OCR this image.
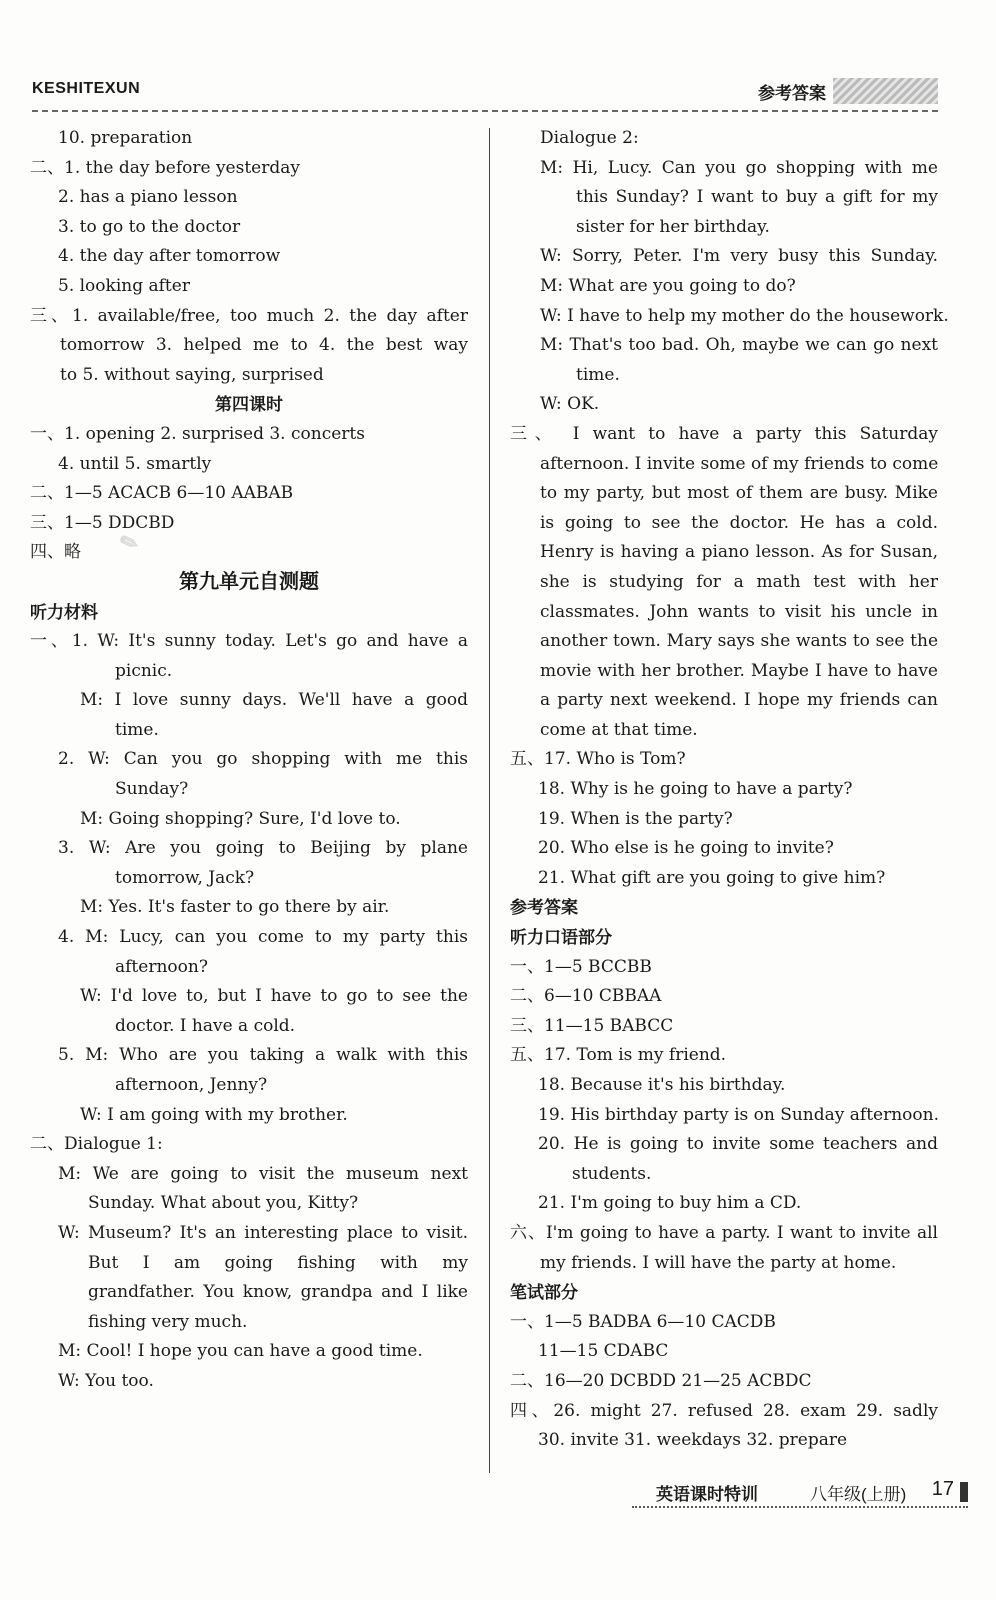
KESHITEXUN	参考答案
10. preparation
二、1. the day before yesterday
2. has a piano lesson
3. to go to the doctor
4. the day after tomorrow
5. looking after
三、1. available/free, too much 2. the day after
tomorrow 3. helped me to 4. the best way
to 5. without saying, surprised
第四课时
一、1. opening 2. surprised 3. concerts
4. until 5. smartly
二、1—5 ACACB 6—10 AABAB
三、1—5 DDCBD
四、略
第九单元自测题
听力材料
一、1. W: It's sunny today. Let's go and have a
picnic.
M: I love sunny days. We'll have a good
time.
2. W: Can you go shopping with me this
Sunday?
M: Going shopping? Sure, I'd love to.
3. W: Are you going to Beijing by plane
tomorrow, Jack?
M: Yes. It's faster to go there by air.
4. M: Lucy, can you come to my party this
afternoon?
W: I'd love to, but I have to go to see the
doctor. I have a cold.
5. M: Who are you taking a walk with this
afternoon, Jenny?
W: I am going with my brother.
二、Dialogue 1:
M: We are going to visit the museum next
Sunday. What about you, Kitty?
W: Museum? It's an interesting place to visit.
But I am going fishing with my
grandfather. You know, grandpa and I like
fishing very much.
M: Cool! I hope you can have a good time.
W: You too.
Dialogue 2:
M: Hi, Lucy. Can you go shopping with me
this Sunday? I want to buy a gift for my
sister for her birthday.
W: Sorry, Peter. I'm very busy this Sunday.
M: What are you going to do?
W: I have to help my mother do the housework.
M: That's too bad. Oh, maybe we can go next
time.
W: OK.
三、 I want to have a party this Saturday
afternoon. I invite some of my friends to come
to my party, but most of them are busy. Mike
is going to see the doctor. He has a cold.
Henry is having a piano lesson. As for Susan,
she is studying for a math test with her
classmates. John wants to visit his uncle in
another town. Mary says she wants to see the
movie with her brother. Maybe I have to have
a party next weekend. I hope my friends can
come at that time.
五、17. Who is Tom?
18. Why is he going to have a party?
19. When is the party?
20. Who else is he going to invite?
21. What gift are you going to give him?
参考答案
听力口语部分
一、1—5 BCCBB
二、6—10 CBBAA
三、11—15 BABCC
五、17. Tom is my friend.
18. Because it's his birthday.
19. His birthday party is on Sunday afternoon.
20. He is going to invite some teachers and
students.
21. I'm going to buy him a CD.
六、I'm going to have a party. I want to invite all
my friends. I will have the party at home.
笔试部分
一、1—5 BADBA 6—10 CACDB
11—15 CDABC
二、16—20 DCBDD 21—25 ACBDC
四、26. might 27. refused 28. exam 29. sadly
30. invite 31. weekdays 32. prepare
✎
英语课时特训	八年级(上册) 17
